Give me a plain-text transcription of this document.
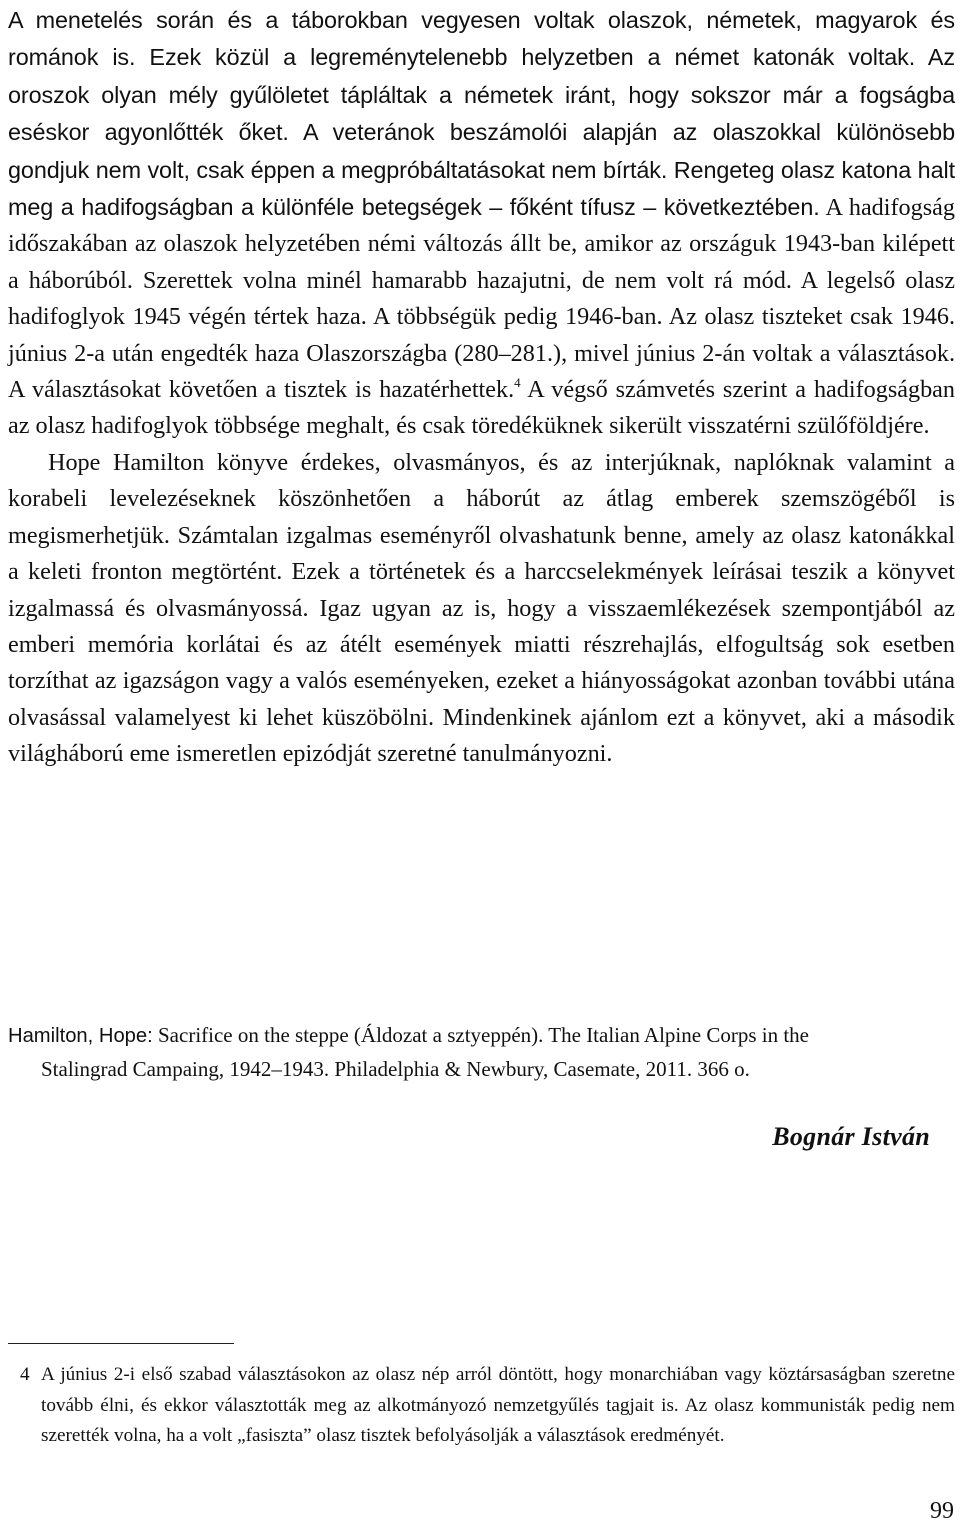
A menetelés során és a táborokban vegyesen voltak olaszok, németek, magyarok és románok is. Ezek közül a legreménytelenebb helyzetben a német katonák voltak. Az oroszok olyan mély gyűlöletet tápláltak a németek iránt, hogy sokszor már a fogságba eséskor agyonlőtték őket. A veteránok beszámolói alapján az olaszokkal különösebb gondjuk nem volt, csak éppen a megpróbáltatásokat nem bírták. Rengeteg olasz katona halt meg a hadifogságban a különféle betegségek – főként tífusz – következtében. A hadifogság időszakában az olaszok helyzetében némi változás állt be, amikor az országuk 1943-ban kilépett a háborúból. Szerettek volna minél hamarabb hazajutni, de nem volt rá mód. A legelső olasz hadifoglyok 1945 végén tértek haza. A többségük pedig 1946-ban. Az olasz tiszteket csak 1946. június 2-a után engedték haza Olaszországba (280–281.), mivel június 2-án voltak a választások. A választásokat követően a tisztek is hazatérhettek.$^4$ A végső számvetés szerint a hadifogságban az olasz hadifoglyok többsége meghalt, és csak töredéküknek sikerült visszatérni szülőföldjére.

Hope Hamilton könyve érdekes, olvasmányos, és az interjúknak, naplóknak valamint a korabeli levelezéseknek köszönhetően a háborút az átlag emberek szemszögéből is megismerhetjük. Számtalan izgalmas eseményről olvashatunk benne, amely az olasz katonákkal a keleti fronton megtörtént. Ezek a történetek és a harccselekmények leírásai teszik a könyvet izgalmassá és olvasmányossá. Igaz ugyan az is, hogy a visszaemlékezések szempontjából az emberi memória korlátai és az átélt események miatti részrehajlás, elfogultság sok esetben torzíthat az igazságon vagy a valós eseményeken, ezeket a hiányosságokat azonban további utána olvasással valamelyest ki lehet küszöbölni. Mindenkinek ajánlom ezt a könyvet, aki a második világháború eme ismeretlen epizódját szeretné tanulmányozni.

Hamilton, Hope: Sacrifice on the steppe (Áldozat a sztyeppén). The Italian Alpine Corps in the
Stalingrad Campaing, 1942–1943. Philadelphia & Newbury, Casemate, 2011. 366 o.
Bognár István
4 A június 2-i első szabad választásokon az olasz nép arról döntött, hogy monarchiában vagy köztársaságban szeretne tovább élni, és ekkor választották meg az alkotmányozó nemzetgyűlés tagjait is. Az olasz kommunisták pedig nem szerették volna, ha a volt „fasiszta” olasz tisztek befolyásolják a választások eredményét.
99
